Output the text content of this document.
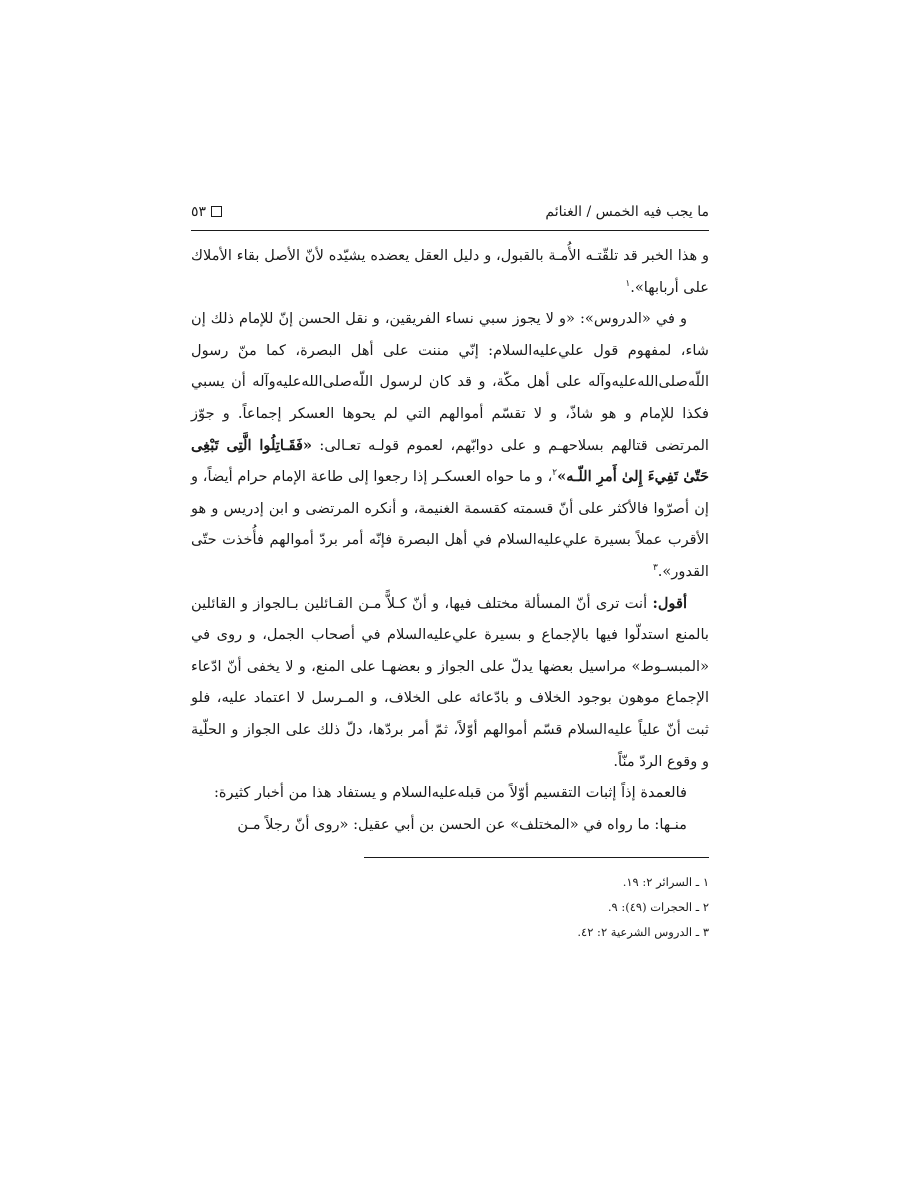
ما يجب فيه الخمس / الغنائم
٥٣

و هذا الخبر قد تلقّتـه الأُمـة بالقبول، و دليل العقل يعضده يشيّده لأنّ الأصل بقاء الأملاك على أربابها».$^١$

و في «الدروس»: «و لا يجوز سبي نساء الفريقين، و نقل الحسن إنّ للإمام ذلك إن شاء، لمفهوم قول علي‌عليه‌السلام: إنّي مننت على أهل البصرة، كما منّ رسول اللّه‌صلى‌الله‌عليه‌وآله على أهل مكّة، و قد كان لرسول اللّه‌صلى‌الله‌عليه‌وآله أن يسبي فكذا للإمام و هو شاذّ، و لا تقسّم أموالهم التي لم يحوها العسكر إجماعاً. و جوّز المرتضى قتالهم بسلاحهـم و على دوابّهم، لعموم قولـه تعـالى: «فَقَـاتِلُوا الَّتِى تَبْغِى حَتّىٰ تَفِيءَ إِلىٰ أَمرِ اللّـه»$^٢$، و ما حواه العسكـر إذا رجعوا إلى طاعة الإمام حرام أيضاً، و إن أصرّوا فالأكثر على أنّ قسمته كقسمة الغنيمة، و أنكره المرتضى و ابن إدريس و هو الأقرب عملاً بسيرة علي‌عليه‌السلام في أهل البصرة فإنّه أمر بردّ أموالهم فأُخذت حتّى القدور».$^٣$

أقول: أنت ترى أنّ المسألة مختلف فيها، و أنّ كـلاًّ مـن القـائلين بـالجواز و القائلين بالمنع استدلّوا فيها بالإجماع و بسيرة علي‌عليه‌السلام في أصحاب الجمل، و روى في «المبسـوط» مراسيل بعضها يدلّ على الجواز و بعضهـا على المنع، و لا يخفى أنّ ادّعاء الإجماع موهون بوجود الخلاف و بادّعائه على الخلاف، و المـرسل لا اعتماد عليه، فلو ثبت أنّ علياً عليه‌السلام قسّم أموالهم أوّلاً، ثمّ أمر بردّها، دلّ ذلك على الجواز و الحلّية و وقوع الردّ منّاً.

فالعمدة إذاً إثبات التقسيم أوّلاً من قبله‌عليه‌السلام و يستفاد هذا من أخبار كثيرة:

منـها: ما رواه في «المختلف» عن الحسن بن أبي عقيل: «روى أنّ رجلاً مـن

١ ـ السرائر ٢: ١٩.
٢ ـ الحجرات (٤٩): ٩.
٣ ـ الدروس الشرعية ٢: ٤٢.
